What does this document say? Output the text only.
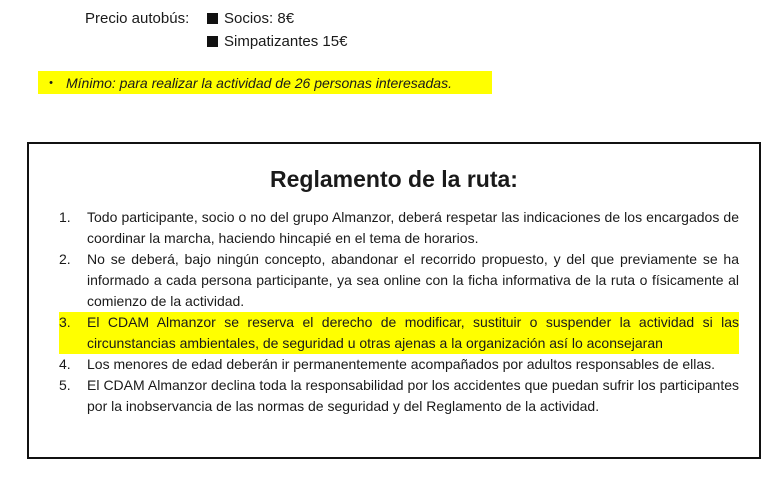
Precio autobús: Socios: 8€
Simpatizantes 15€
• Mínimo: para realizar la actividad de 26 personas interesadas.
Reglamento de la ruta:
1.	Todo participante, socio o no del grupo Almanzor, deberá respetar las indicaciones de los encargados de coordinar la marcha, haciendo hincapié en el tema de horarios.
2.	No se deberá, bajo ningún concepto, abandonar el recorrido propuesto, y del que previamente se ha informado a cada persona participante, ya sea online con la ficha informativa de la ruta o físicamente al comienzo de la actividad.
3.	El CDAM Almanzor se reserva el derecho de modificar, sustituir o suspender la actividad si las circunstancias ambientales, de seguridad u otras ajenas a la organización así lo aconsejaran
4.	Los menores de edad deberán ir permanentemente acompañados por adultos responsables de ellas.
5.	El CDAM Almanzor declina toda la responsabilidad por los accidentes que puedan sufrir los participantes por la inobservancia de las normas de seguridad y del Reglamento de la actividad.
